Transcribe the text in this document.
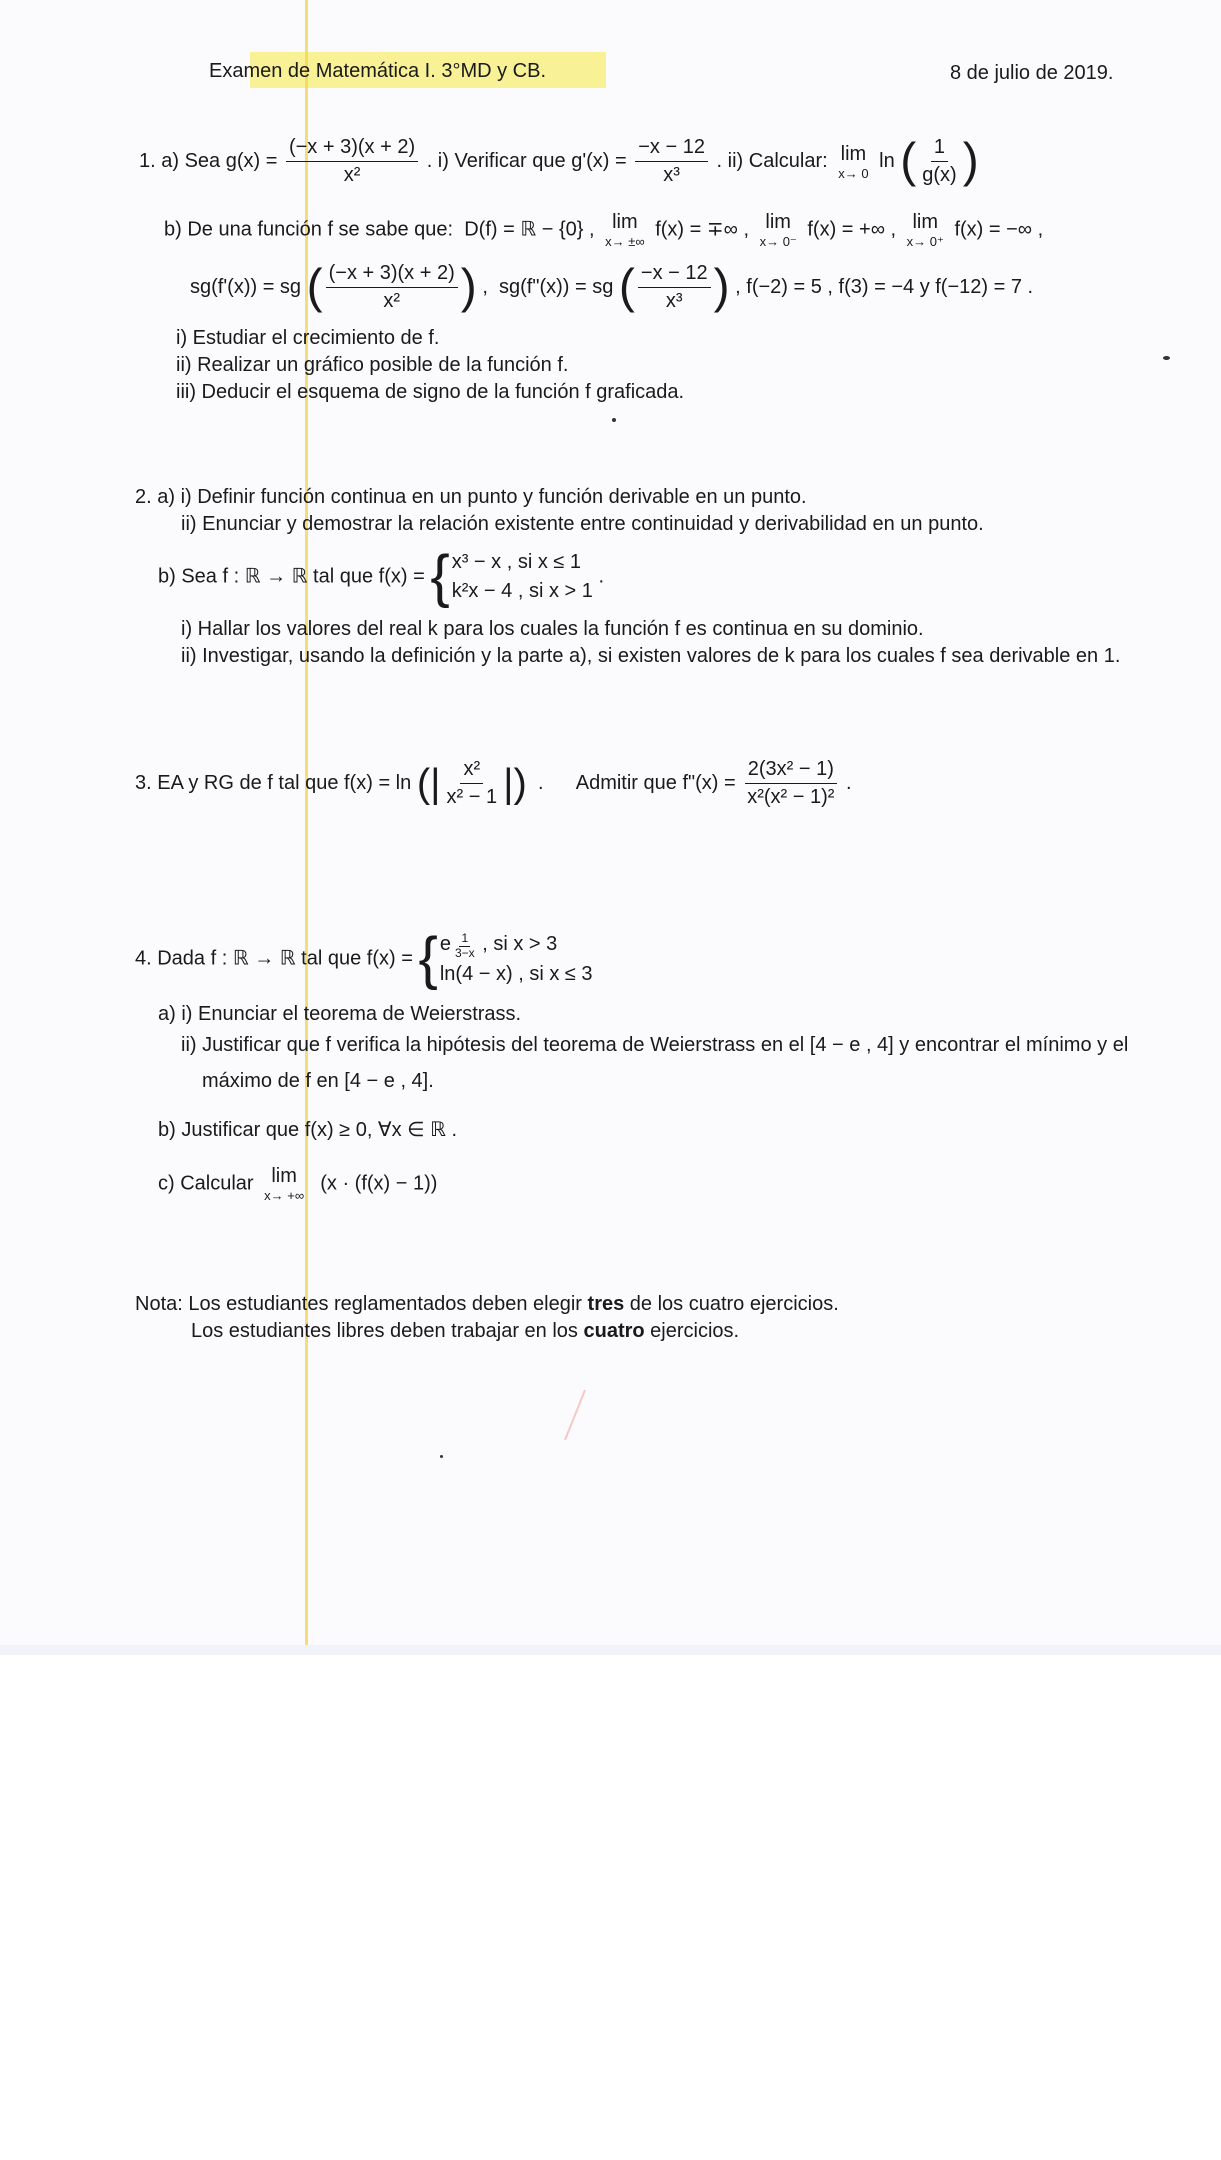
Examen de Matemática I. 3°MD y CB.	8 de julio de 2019.
1. a) Sea $g(x) = \frac{(-x + 3)(x + 2)}{\text{x²}}$ . i) Verificar que $g'(x) = \frac{-x - 12}{\text{x³}}$ . ii) Calcular: lim
x→ 0
ln ( $\frac{1}{g(x)}$ )
b) De una función f se sabe que: D(f) = ℝ − {0} , lim
x→ ±∞
f(x) = ∓∞ , lim
x→ 0⁻
f(x) = +∞ , lim
x→ 0⁺
f(x) = −∞ ,
sg(f'(x)) = sg ( $\frac{(-x + 3)(x + 2)}{\text{x²}}$ ) , sg(f"(x)) = sg ( $\frac{-x - 12}{\text{x³}}$ ) , f(−2) = 5 , f(3) = −4 y f(−12) = 7 .
i) Estudiar el crecimiento de f.
ii) Realizar un gráfico posible de la función f.
iii) Deducir el esquema de signo de la función f graficada.
2. a) i) Definir función continua en un punto y función derivable en un punto.
ii) Enunciar y demostrar la relación existente entre continuidad y derivabilidad en un punto.
b) Sea f : ℝ → ℝ tal que f(x) = { x³ − x , si x ≤ 1
k²x − 4 , si x > 1
.
i) Hallar los valores del real k para los cuales la función f es continua en su dominio.
ii) Investigar, usando la definición y la parte a), si existen valores de k para los cuales f sea derivable en 1.
3. EA y RG de f tal que f(x) = ln (| $\frac{\text{x²}}{\text{x² − 1}}$ |)  .      Admitir que f"(x) = $\frac{\text{2(3x² − 1)}}{\text{x²(x² − 1)²}}$ .
4. Dada f : ℝ → ℝ tal que f(x) = { e $\frac{1}{3-x}$ , si x > 3
ln(4 − x) , si x ≤ 3
a) i) Enunciar el teorema de Weierstrass.
ii) Justificar que f verifica la hipótesis del teorema de Weierstrass en el [4 − e , 4] y encontrar el mínimo y el
máximo de f en [4 − e , 4].
b) Justificar que f(x) ≥ 0, ∀x ∈ ℝ .
c) Calcular lim
x→ +∞
(x · (f(x) − 1))
Nota: Los estudiantes reglamentados deben elegir tres de los cuatro ejercicios.
Los estudiantes libres deben trabajar en los cuatro ejercicios.
